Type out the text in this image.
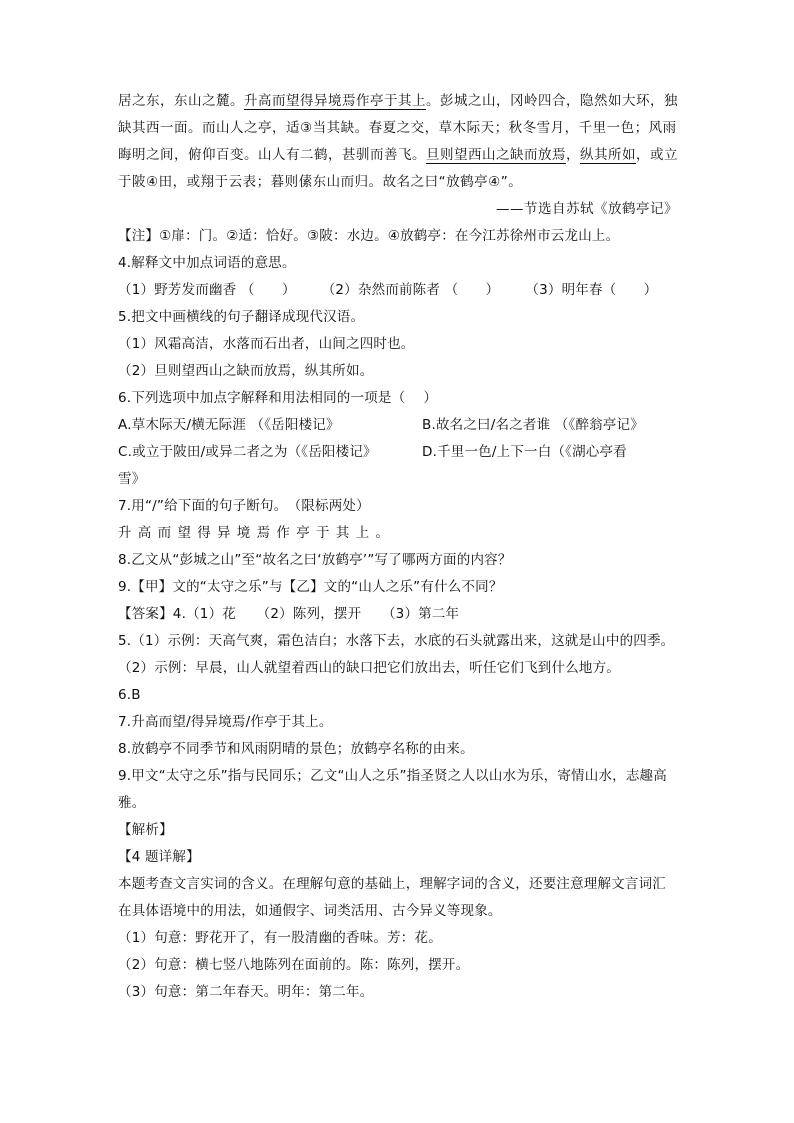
居之东，东山之麓。升高而望得异境焉作亭于其上。彭城之山，冈岭四合，隐然如大环，独
缺其西一面。而山人之亭，适③当其缺。春夏之交，草木际天；秋冬雪月，千里一色；风雨
晦明之间，俯仰百变。山人有二鹤，甚驯而善飞。旦则望西山之缺而放焉，纵其所如，或立
于陂④田，或翔于云表；暮则傃东山而归。故名之曰“放鹤亭④”。
——节选自苏轼《放鹤亭记》
【注】①扉：门。②适：恰好。③陂：水边。④放鹤亭：在今江苏徐州市云龙山上。
4.解释文中加点词语的意思。
（1）野芳发而幽香 （　　） （2）杂然而前陈者 （　　） （3）明年春（　　）
5.把文中画横线的句子翻译成现代汉语。
（1）风霜高洁，水落而石出者，山间之四时也。
（2）旦则望西山之缺而放焉，纵其所如。
6.下列选项中加点字解释和用法相同的一项是（　 ）
A.草木际天/横无际涯 （《岳阳楼记》	B.故名之曰/名之者谁 （《醉翁亭记》
C.或立于陂田/或异二者之为（《岳阳楼记》	D.千里一色/上下一白（《湖心亭看
雪》
7.用“/”给下面的句子断句。　（限标两处）
升高而望得异境焉作亭于其上。
8.乙文从“彭城之山”至“故名之曰‘放鹤亭’”写了哪两方面的内容？
9.【甲】文的“太守之乐”与【乙】文的“山人之乐”有什么不同？
【答案】4.（1）花　　（2）陈列，摆开　　（3）第二年
5.（1）示例：天高气爽，霜色洁白；水落下去，水底的石头就露出来，这就是山中的四季。
（2）示例：早晨，山人就望着西山的缺口把它们放出去，听任它们飞到什么地方。
6.B
7.升高而望/得异境焉/作亭于其上。
8.放鹤亭不同季节和风雨阴晴的景色；放鹤亭名称的由来。
9.甲文“太守之乐”指与民同乐；乙文“山人之乐”指圣贤之人以山水为乐，寄情山水，志趣高雅。
【解析】
【4 题详解】
本题考查文言实词的含义。在理解句意的基础上，理解字词的含义，还要注意理解文言词汇在具体语境中的用法，如通假字、词类活用、古今异义等现象。
（1）句意：野花开了，有一股清幽的香味。芳：花。
（2）句意：横七竖八地陈列在面前的。陈：陈列，摆开。
（3）句意：第二年春天。明年：第二年。
